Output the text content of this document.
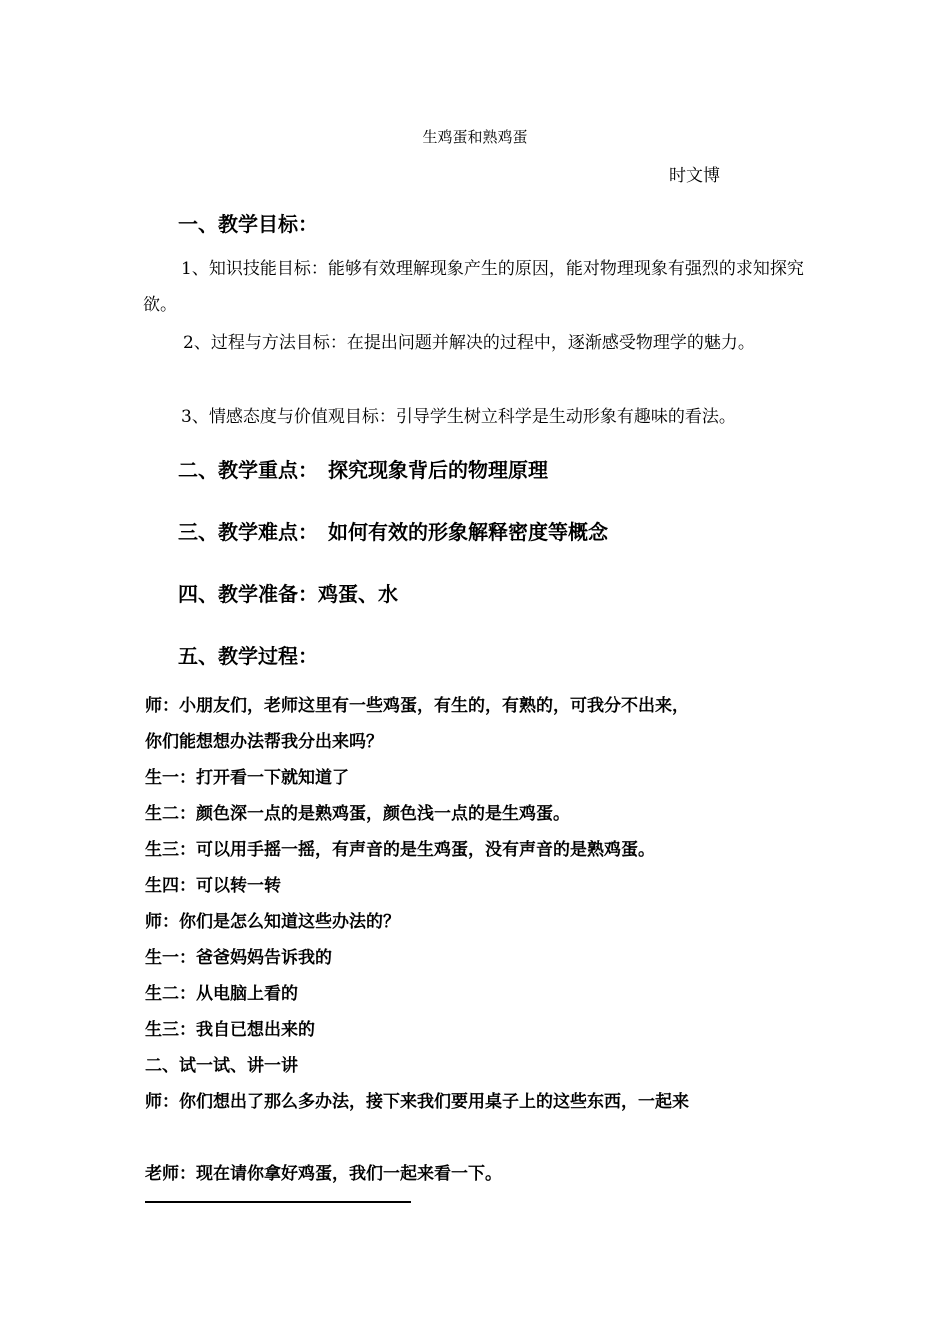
生鸡蛋和熟鸡蛋
时文博
一、教学目标：

1、知识技能目标：能够有效理解现象产生的原因，能对物理现象有强烈的求知探究欲。

2、过程与方法目标：在提出问题并解决的过程中，逐渐感受物理学的魅力。

3、情感态度与价值观目标：引导学生树立科学是生动形象有趣味的看法。

二、教学重点：　探究现象背后的物理原理
三、教学难点：　如何有效的形象解释密度等概念
四、教学准备：鸡蛋、水
五、教学过程：
师：小朋友们，老师这里有一些鸡蛋，有生的，有熟的，可我分不出来，
你们能想想办法帮我分出来吗？
生一：打开看一下就知道了
生二：颜色深一点的是熟鸡蛋，颜色浅一点的是生鸡蛋。
生三：可以用手摇一摇，有声音的是生鸡蛋，没有声音的是熟鸡蛋。
生四：可以转一转
师：你们是怎么知道这些办法的？
生一：爸爸妈妈告诉我的
生二：从电脑上看的
生三：我自已想出来的
二、试一试、讲一讲
师：你们想出了那么多办法，接下来我们要用桌子上的这些东西，一起来
老师：现在请你拿好鸡蛋，我们一起来看一下。
